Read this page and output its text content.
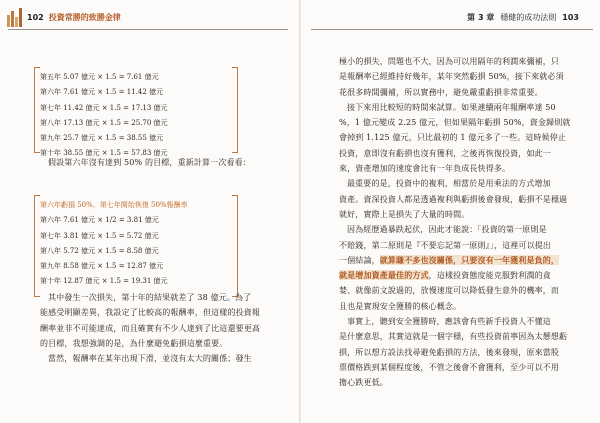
102 投資常勝的致勝金律
第五年 5.07 億元 × 1.5 = 7.61 億元
第六年 7.61 億元 × 1.5 = 11.42 億元
第七年 11.42 億元 × 1.5 = 17.13 億元
第八年 17.13 億元 × 1.5 = 25.70 億元
第九年 25.7 億元 × 1.5 = 38.55 億元
第十年 38.55 億元 × 1.5 = 57.83 億元
假設第六年沒有達到 50% 的目標，重新計算一次看看：
第六年虧損 50%，第七年開始恢復 50%報酬率
第六年 7.61 億元 × 1/2 = 3.81 億元
第七年 3.81 億元 × 1.5 = 5.72 億元
第八年 5.72 億元 × 1.5 = 8.58 億元
第九年 8.58 億元 × 1.5 = 12.87 億元
第十年 12.87 億元 × 1.5 = 19.31 億元
其中發生一次損失，第十年的結果就差了 38 億元。為了
能感受明顯差異，我設定了比較高的報酬率，但這樣的投資報
酬率並非不可能達成，而且確實有不少人達到了比這還要更高
的目標，我想強調的是，為什麼避免虧損這麼重要。
當然，報酬率在某年出現下滑，並沒有太大的關係；發生
第 3 章 穩健的成功法則 103
極小的損失，問題也不大，因為可以用隔年的利潤來彌補，只
是報酬率已經維持好幾年，某年突然虧損 50%，接下來就必須
花很多時間彌補，所以實務中，避免嚴重虧損非常重要。
接下來用比較短的時間來試算。如果連續兩年報酬率達 50
%，1 億元變成 2.25 億元，但如果隔年虧損 50%，資金歸則就
會掉到 1.125 億元，只比最初的 1 億元多了一些。這時候停止
投資，意即沒有虧損也沒有獲利，之後再恢復投資，如此一
來，資產增加的速度會比有一年負成長快得多。
最重要的是，投資中的複利，相當於是用乘法的方式增加
資產。資深投資人都是透過複利與虧損後會發現，虧損不是穩過
就好，實際上是損失了大量的時間。
因為經歷過暴跌起伏，因此才能說：「投資的第一原則是
不賠錢，第二原則是『不要忘記第一原則』」，這裡可以提出
一個結論，就算賺不多也沒關係，只要沒有一年獲利是負的，
就是增加資產最佳的方式，這樣投資態度能克服對利潤的貪
婪、就像前文說過的，放慢速度可以降低發生意外的機率，而
且也是實現安全獲勝的核心概念。
事實上，聽到安全獲勝時，應該會有些新手投資人不懂這
是什麼意思，其實這就是一個字穩，有些投資前寧因為太懸想虧
損，所以想方設法找尋避免虧損的方法，後來發現，原來當股
票價格跌到某個程度後，不管之後會不會獲利，至少可以不用
擔心跌更低。
